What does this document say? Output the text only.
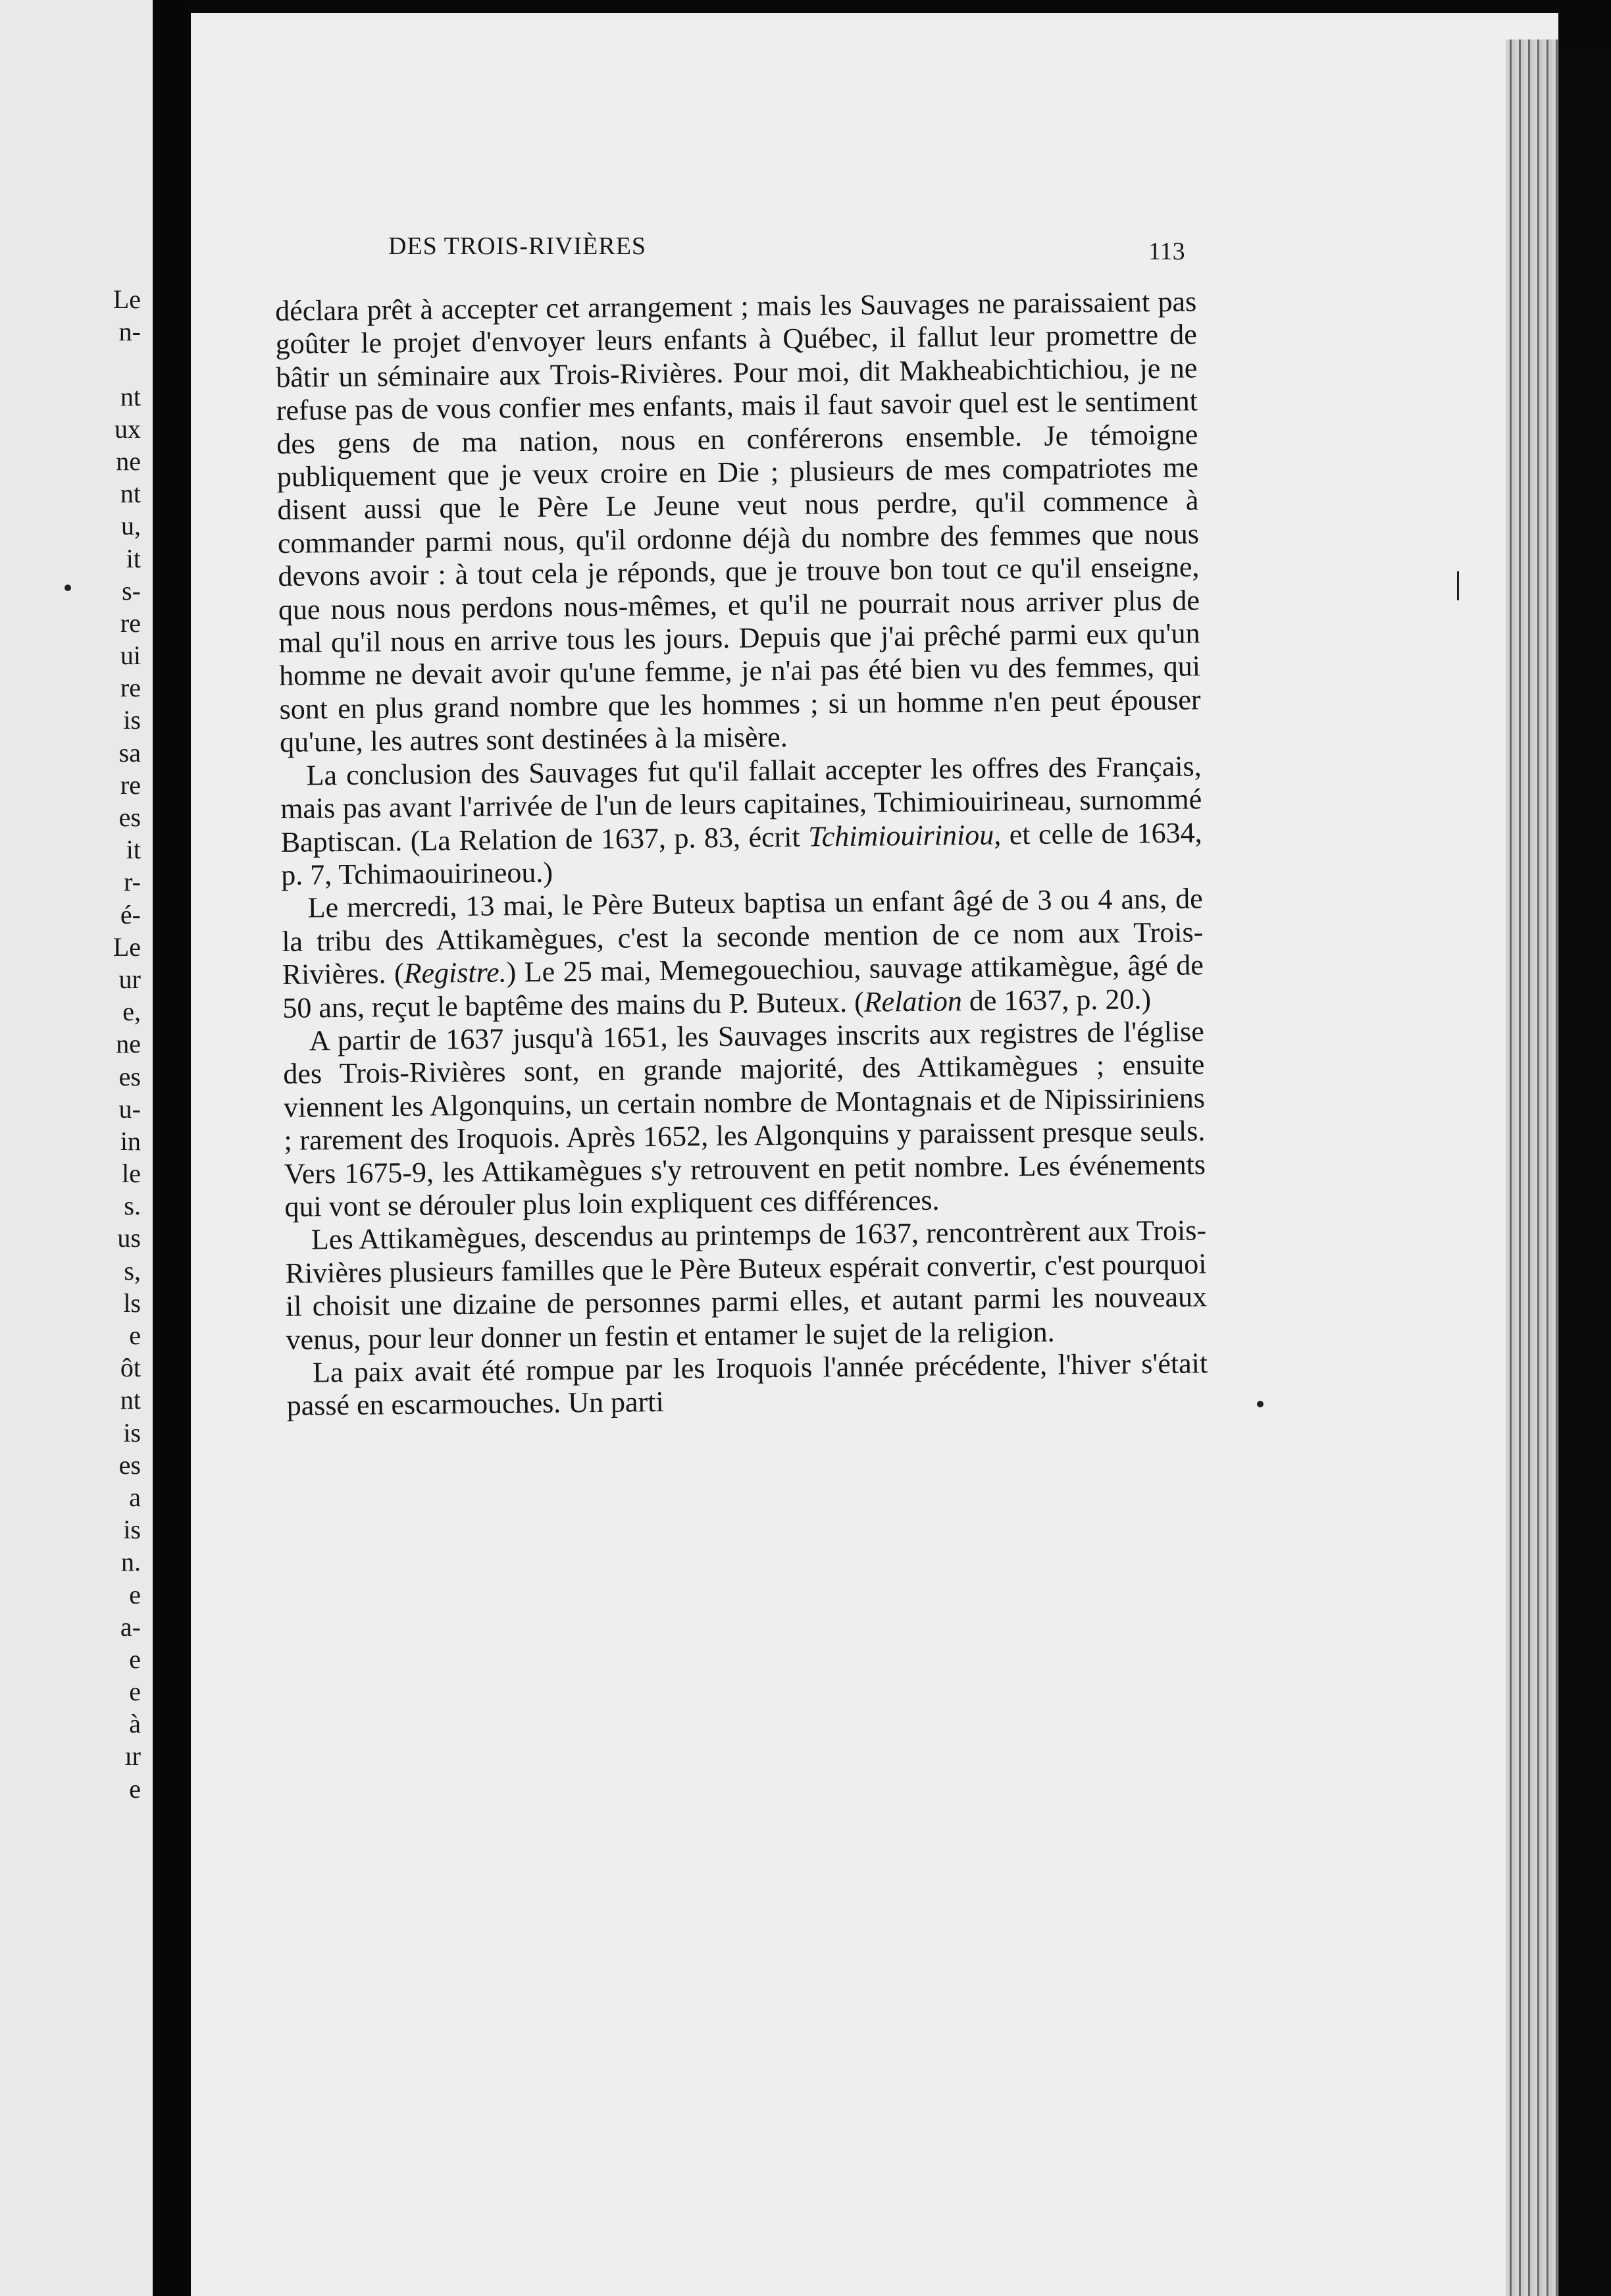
Le
n-
nt
ux
ne
nt
u,
it
s-
re
ui
re
is
sa
re
es
it
r-
é-
Le
ur
e,
ne
es
u-
in
le
s.
us
s,
ls
e
ôt
nt
is
es
a
is
n.
e
a-
e
e
à
ır
e
DES TROIS-RIVIÈRES	113

déclara prêt à accepter cet arrangement ; mais les Sauvages ne paraissaient pas goûter le projet d'envoyer leurs enfants à Québec, il fallut leur promettre de bâtir un séminaire aux Trois-Rivières. Pour moi, dit Makheabichtichiou, je ne refuse pas de vous confier mes enfants, mais il faut savoir quel est le sentiment des gens de ma nation, nous en conférerons ensemble. Je témoigne publiquement que je veux croire en Die ; plusieurs de mes compatriotes me disent aussi que le Père Le Jeune veut nous perdre, qu'il commence à commander parmi nous, qu'il ordonne déjà du nombre des femmes que nous devons avoir : à tout cela je réponds, que je trouve bon tout ce qu'il enseigne, que nous nous perdons nous-mêmes, et qu'il ne pourrait nous arriver plus de mal qu'il nous en arrive tous les jours. Depuis que j'ai prêché parmi eux qu'un homme ne devait avoir qu'une femme, je n'ai pas été bien vu des femmes, qui sont en plus grand nombre que les hommes ; si un homme n'en peut épouser qu'une, les autres sont destinées à la misère.

La conclusion des Sauvages fut qu'il fallait accepter les offres des Français, mais pas avant l'arrivée de l'un de leurs capitaines, Tchimiouirineau, surnommé Baptiscan. (La Relation de 1637, p. 83, écrit Tchimiouiriniou, et celle de 1634, p. 7, Tchimaouirineou.)

Le mercredi, 13 mai, le Père Buteux baptisa un enfant âgé de 3 ou 4 ans, de la tribu des Attikamègues, c'est la seconde mention de ce nom aux Trois-Rivières. (Registre.) Le 25 mai, Memegouechiou, sauvage attikamègue, âgé de 50 ans, reçut le baptême des mains du P. Buteux. (Relation de 1637, p. 20.)

A partir de 1637 jusqu'à 1651, les Sauvages inscrits aux registres de l'église des Trois-Rivières sont, en grande majorité, des Attikamègues ; ensuite viennent les Algonquins, un certain nombre de Montagnais et de Nipissiriniens ; rarement des Iroquois. Après 1652, les Algonquins y paraissent presque seuls. Vers 1675-9, les Attikamègues s'y retrouvent en petit nombre. Les événements qui vont se dérouler plus loin expliquent ces différences.

Les Attikamègues, descendus au printemps de 1637, rencontrèrent aux Trois-Rivières plusieurs familles que le Père Buteux espérait convertir, c'est pourquoi il choisit une dizaine de personnes parmi elles, et autant parmi les nouveaux venus, pour leur donner un festin et entamer le sujet de la religion.

La paix avait été rompue par les Iroquois l'année précédente, l'hiver s'était passé en escarmouches. Un parti
